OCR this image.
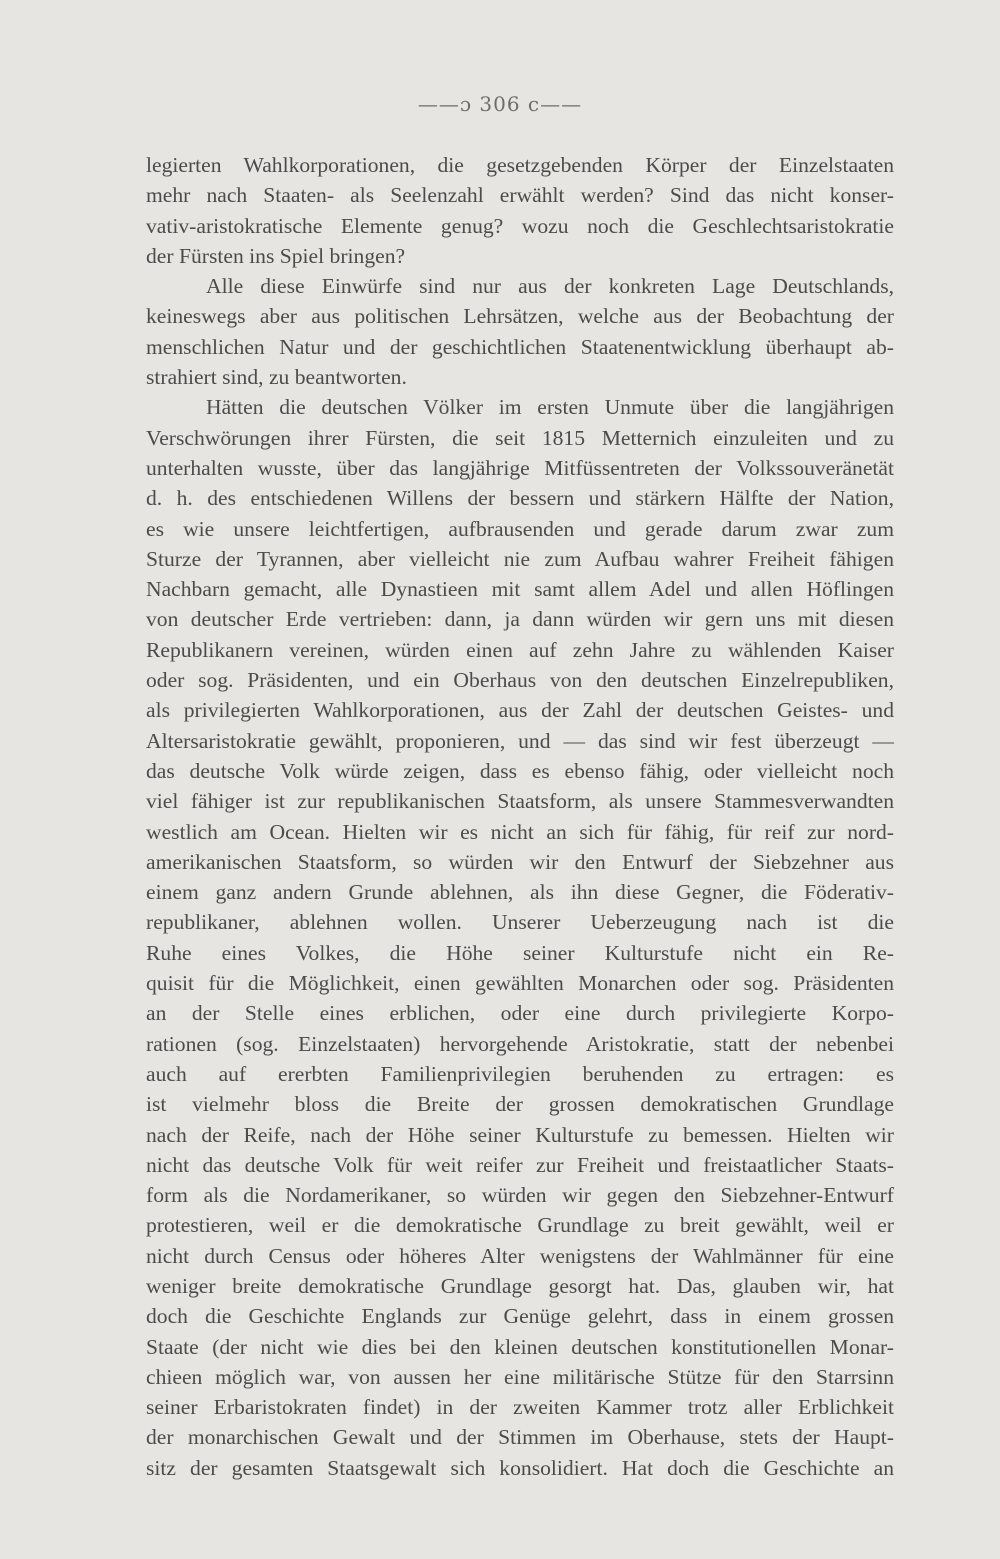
——ɔ 306 c——
legierten Wahlkorporationen, die gesetzgebenden Körper der Einzelstaaten
mehr nach Staaten- als Seelenzahl erwählt werden? Sind das nicht konser-
vativ-aristokratische Elemente genug? wozu noch die Geschlechtsaristokratie
der Fürsten ins Spiel bringen?
Alle diese Einwürfe sind nur aus der konkreten Lage Deutschlands,
keineswegs aber aus politischen Lehrsätzen, welche aus der Beobachtung der
menschlichen Natur und der geschichtlichen Staatenentwicklung überhaupt ab-
strahiert sind, zu beantworten.
Hätten die deutschen Völker im ersten Unmute über die langjährigen
Verschwörungen ihrer Fürsten, die seit 1815 Metternich einzuleiten und zu
unterhalten wusste, über das langjährige Mitfüssentreten der Volkssouveränetät
d. h. des entschiedenen Willens der bessern und stärkern Hälfte der Nation,
es wie unsere leichtfertigen, aufbrausenden und gerade darum zwar zum
Sturze der Tyrannen, aber vielleicht nie zum Aufbau wahrer Freiheit fähigen
Nachbarn gemacht, alle Dynastieen mit samt allem Adel und allen Höflingen
von deutscher Erde vertrieben: dann, ja dann würden wir gern uns mit diesen
Republikanern vereinen, würden einen auf zehn Jahre zu wählenden Kaiser
oder sog. Präsidenten, und ein Oberhaus von den deutschen Einzelrepubliken,
als privilegierten Wahlkorporationen, aus der Zahl der deutschen Geistes- und
Altersaristokratie gewählt, proponieren, und — das sind wir fest überzeugt —
das deutsche Volk würde zeigen, dass es ebenso fähig, oder vielleicht noch
viel fähiger ist zur republikanischen Staatsform, als unsere Stammesverwandten
westlich am Ocean. Hielten wir es nicht an sich für fähig, für reif zur nord-
amerikanischen Staatsform, so würden wir den Entwurf der Siebzehner aus
einem ganz andern Grunde ablehnen, als ihn diese Gegner, die Föderativ-
republikaner, ablehnen wollen. Unserer Ueberzeugung nach ist die
Ruhe eines Volkes, die Höhe seiner Kulturstufe nicht ein Re-
quisit für die Möglichkeit, einen gewählten Monarchen oder sog. Präsidenten
an der Stelle eines erblichen, oder eine durch privilegierte Korpo-
rationen (sog. Einzelstaaten) hervorgehende Aristokratie, statt der nebenbei
auch auf ererbten Familienprivilegien beruhenden zu ertragen: es
ist vielmehr bloss die Breite der grossen demokratischen Grundlage
nach der Reife, nach der Höhe seiner Kulturstufe zu bemessen. Hielten wir
nicht das deutsche Volk für weit reifer zur Freiheit und freistaatlicher Staats-
form als die Nordamerikaner, so würden wir gegen den Siebzehner-Entwurf
protestieren, weil er die demokratische Grundlage zu breit gewählt, weil er
nicht durch Census oder höheres Alter wenigstens der Wahlmänner für eine
weniger breite demokratische Grundlage gesorgt hat. Das, glauben wir, hat
doch die Geschichte Englands zur Genüge gelehrt, dass in einem grossen
Staate (der nicht wie dies bei den kleinen deutschen konstitutionellen Monar-
chieen möglich war, von aussen her eine militärische Stütze für den Starrsinn
seiner Erbaristokraten findet) in der zweiten Kammer trotz aller Erblichkeit
der monarchischen Gewalt und der Stimmen im Oberhause, stets der Haupt-
sitz der gesamten Staatsgewalt sich konsolidiert. Hat doch die Geschichte an
